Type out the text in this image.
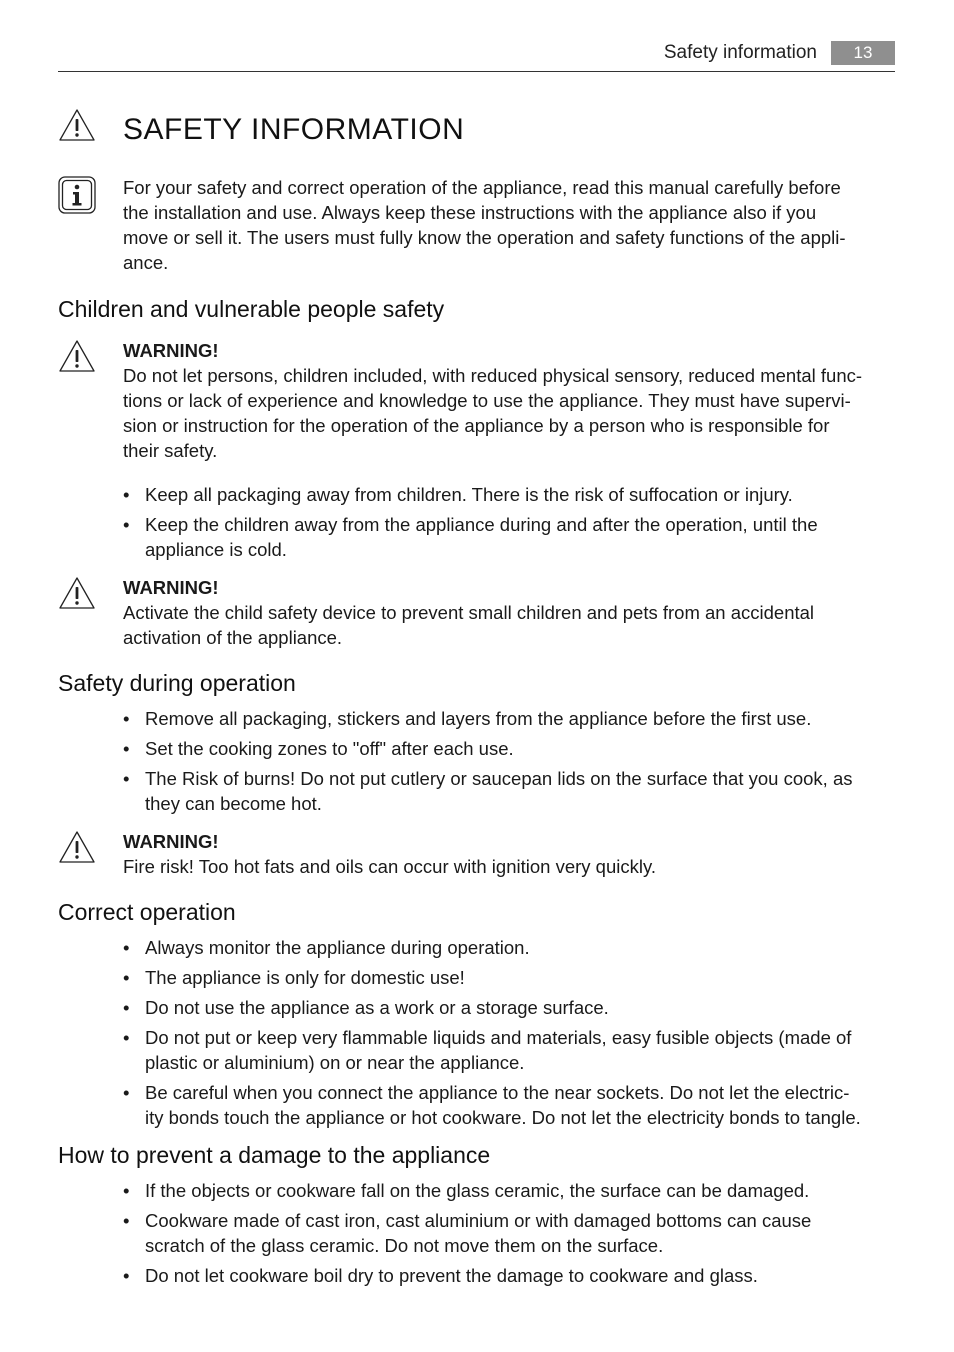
Safety information	13
SAFETY INFORMATION
For your safety and correct operation of the appliance, read this manual carefully before
the installation and use. Always keep these instructions with the appliance also if you
move or sell it. The users must fully know the operation and safety functions of the appli-
ance.
Children and vulnerable people safety
WARNING!
Do not let persons, children included, with reduced physical sensory, reduced mental func-
tions or lack of experience and knowledge to use the appliance. They must have supervi-
sion or instruction for the operation of the appliance by a person who is responsible for
their safety.
• Keep all packaging away from children. There is the risk of suffocation or injury.
• Keep the children away from the appliance during and after the operation, until the
appliance is cold.
WARNING!
Activate the child safety device to prevent small children and pets from an accidental
activation of the appliance.
Safety during operation
• Remove all packaging, stickers and layers from the appliance before the first use.
• Set the cooking zones to "off" after each use.
• The Risk of burns! Do not put cutlery or saucepan lids on the surface that you cook, as
they can become hot.
WARNING!
Fire risk! Too hot fats and oils can occur with ignition very quickly.
Correct operation
• Always monitor the appliance during operation.
• The appliance is only for domestic use!
• Do not use the appliance as a work or a storage surface.
• Do not put or keep very flammable liquids and materials, easy fusible objects (made of
plastic or aluminium) on or near the appliance.
• Be careful when you connect the appliance to the near sockets. Do not let the electric-
ity bonds touch the appliance or hot cookware. Do not let the electricity bonds to tangle.
How to prevent a damage to the appliance
• If the objects or cookware fall on the glass ceramic, the surface can be damaged.
• Cookware made of cast iron, cast aluminium or with damaged bottoms can cause
scratch of the glass ceramic. Do not move them on the surface.
• Do not let cookware boil dry to prevent the damage to cookware and glass.
